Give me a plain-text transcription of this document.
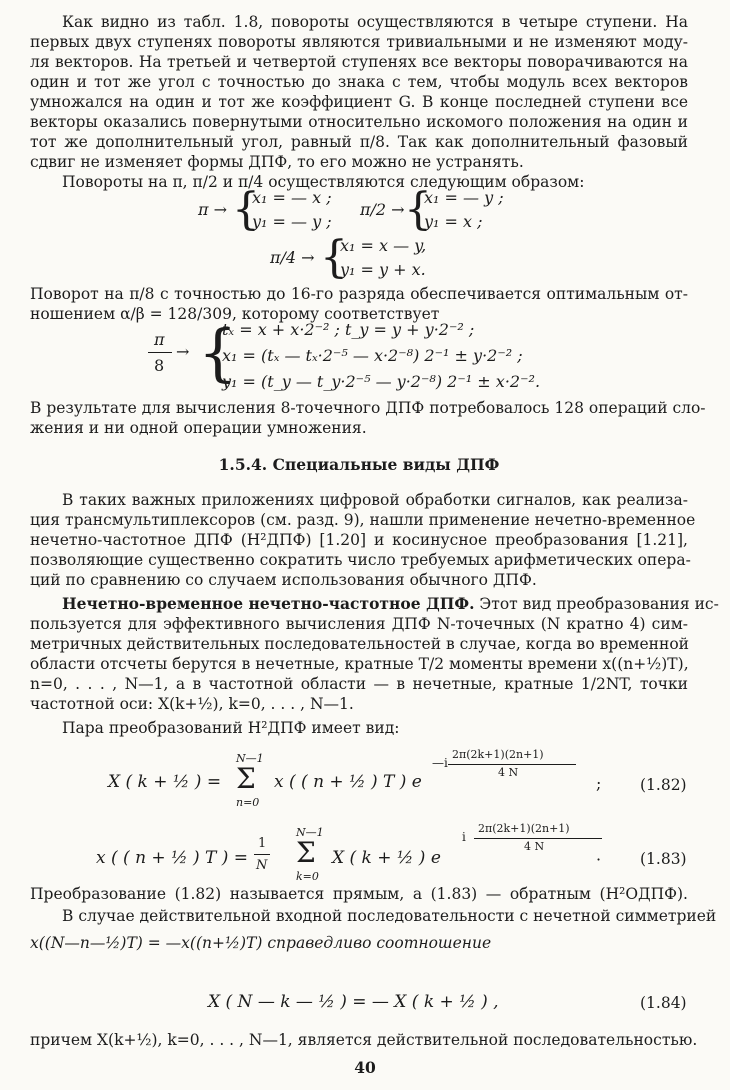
Как видно из табл. 1.8, повороты осуществляются в четыре ступени. На
первых двух ступенях повороты являются тривиальными и не изменяют моду-
ля векторов. На третьей и четвертой ступенях все векторы поворачиваются на
один и тот же угол с точностью до знака с тем, чтобы модуль всех векторов
умножался на один и тот же коэффициент G. В конце последней ступени все
векторы оказались повернутыми относительно искомого положения на один и
тот же дополнительный угол, равный π/8. Так как дополнительный фазовый
сдвиг не изменяет формы ДПФ, то его можно не устранять.
Повороты на π, π/2 и π/4 осуществляются следующим образом:
π → {
x₁ = — x ;
y₁ = — y ;
π/2 → {
x₁ = — y ;
y₁ = x ;
π/4 → {
x₁ = x — y,
y₁ = y + x.
Поворот на π/8 с точностью до 16-го разряда обеспечивается оптимальным от-
ношением α/β = 128/309, которому соответствует
π
8
→ {
tₓ = x + x·2⁻² ; t_y = y + y·2⁻² ;
x₁ = (tₓ — tₓ·2⁻⁵ — x·2⁻⁸) 2⁻¹ ± y·2⁻² ;
y₁ = (t_y — t_y·2⁻⁵ — y·2⁻⁸) 2⁻¹ ± x·2⁻².
В результате для вычисления 8-точечного ДПФ потребовалось 128 операций сло-
жения и ни одной операции умножения.
1.5.4. Специальные виды ДПФ
В таких важных приложениях цифровой обработки сигналов, как реализа-
ция трансмультиплексоров (см. разд. 9), нашли применение нечетно-временное
нечетно-частотное ДПФ (Н²ДПФ) [1.20] и косинусное преобразования [1.21],
позволяющие существенно сократить число требуемых арифметических опера-
ций по сравнению со случаем использования обычного ДПФ.
Нечетно-временное нечетно-частотное ДПФ. Этот вид преобразования ис-
пользуется для эффективного вычисления ДПФ N-точечных (N кратно 4) сим-
метричных действительных последовательностей в случае, когда во временной
области отсчеты берутся в нечетные, кратные T/2 моменты времени x((n+½)T),
n=0, . . . , N—1, а в частотной области — в нечетные, кратные 1/2NT, точки
частотной оси: X(k+½), k=0, . . . , N—1.
Пара преобразований Н²ДПФ имеет вид:
X ( k + ½ ) =
N—1
Σ
n=0
x ( ( n + ½ ) T ) e
—i
2π(2k+1)(2n+1)
4 N
; (1.82)
x ( ( n + ½ ) T ) =
1
N
N—1
Σ
k=0
X ( k + ½ ) e
i
2π(2k+1)(2n+1)
4 N
·	(1.83)
Преобразование (1.82) называется прямым, а (1.83) — обратным (Н²ОДПФ).
В случае действительной входной последовательности с нечетной симметрией
x((N—n—½)T) = —x((n+½)T) справедливо соотношение
X ( N — k — ½ ) = — X ( k + ½ ) ,	(1.84)
причем X(k+½), k=0, . . . , N—1, является действительной последовательностью.
40
